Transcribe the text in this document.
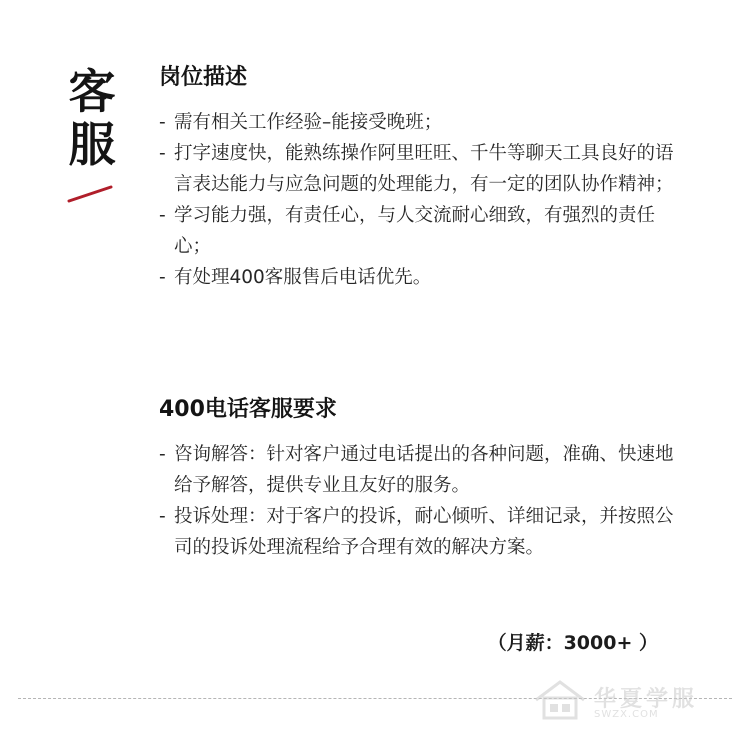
客
服
岗位描述
- 需有相关工作经验–能接受晚班；
- 打字速度快，能熟练操作阿里旺旺、千牛等聊天工具良好的语言表达能力与应急问题的处理能力，有一定的团队协作精神；
- 学习能力强，有责任心，与人交流耐心细致，有强烈的责任心；
- 有处理400客服售后电话优先。
400电话客服要求
- 咨询解答：针对客户通过电话提出的各种问题，准确、快速地给予解答，提供专业且友好的服务。
- 投诉处理：对于客户的投诉，耐心倾听、详细记录，并按照公司的投诉处理流程给予合理有效的解决方案。
（月薪：3000+ ）
华夏学服
SWZX.COM
